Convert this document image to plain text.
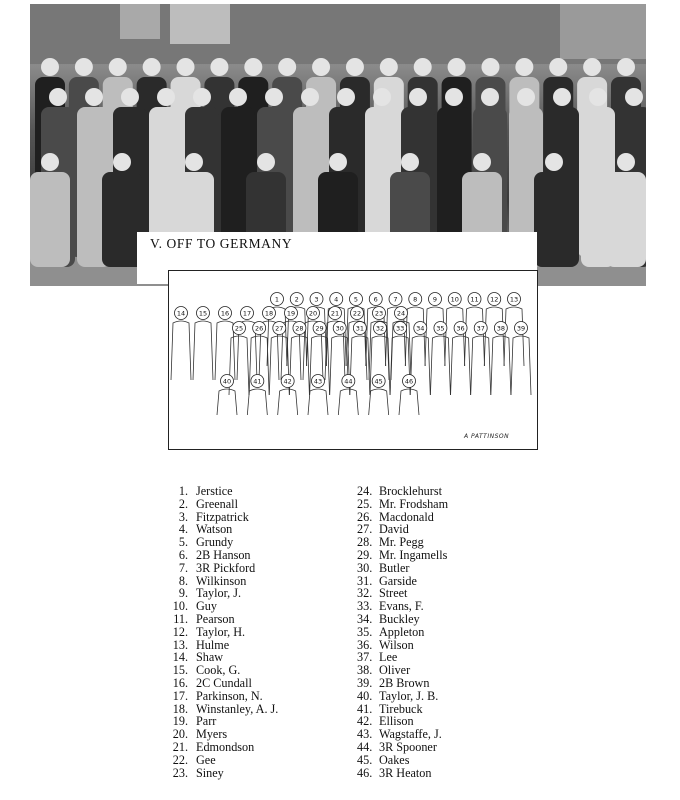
V. OFF TO GERMANY
1 2 3 4 5 6 7 8 9 10 11 12 13
14 15 16 17 18 19 20 21 22 23 24
25 26 27 28 29 30 31 32 33 34 35 36 37 38 39
40	41	42	43	44	45	46
A PATTINSON
1. Jerstice
2. Greenall
3. Fitzpatrick
4. Watson
5. Grundy
6. 2B Hanson
7. 3R Pickford
8. Wilkinson
9. Taylor, J.
10. Guy
11. Pearson
12. Taylor, H.
13. Hulme
14. Shaw
15. Cook, G.
16. 2C Cundall
17. Parkinson, N.
18. Winstanley, A. J.
19. Parr
20. Myers
21. Edmondson
22. Gee
23. Siney
24. Brocklehurst
25. Mr. Frodsham
26. Macdonald
27. David
28. Mr. Pegg
29. Mr. Ingamells
30. Butler
31. Garside
32. Street
33. Evans, F.
34. Buckley
35. Appleton
36. Wilson
37. Lee
38. Oliver
39. 2B Brown
40. Taylor, J. B.
41. Tirebuck
42. Ellison
43. Wagstaffe, J.
44. 3R Spooner
45. Oakes
46. 3R Heaton
